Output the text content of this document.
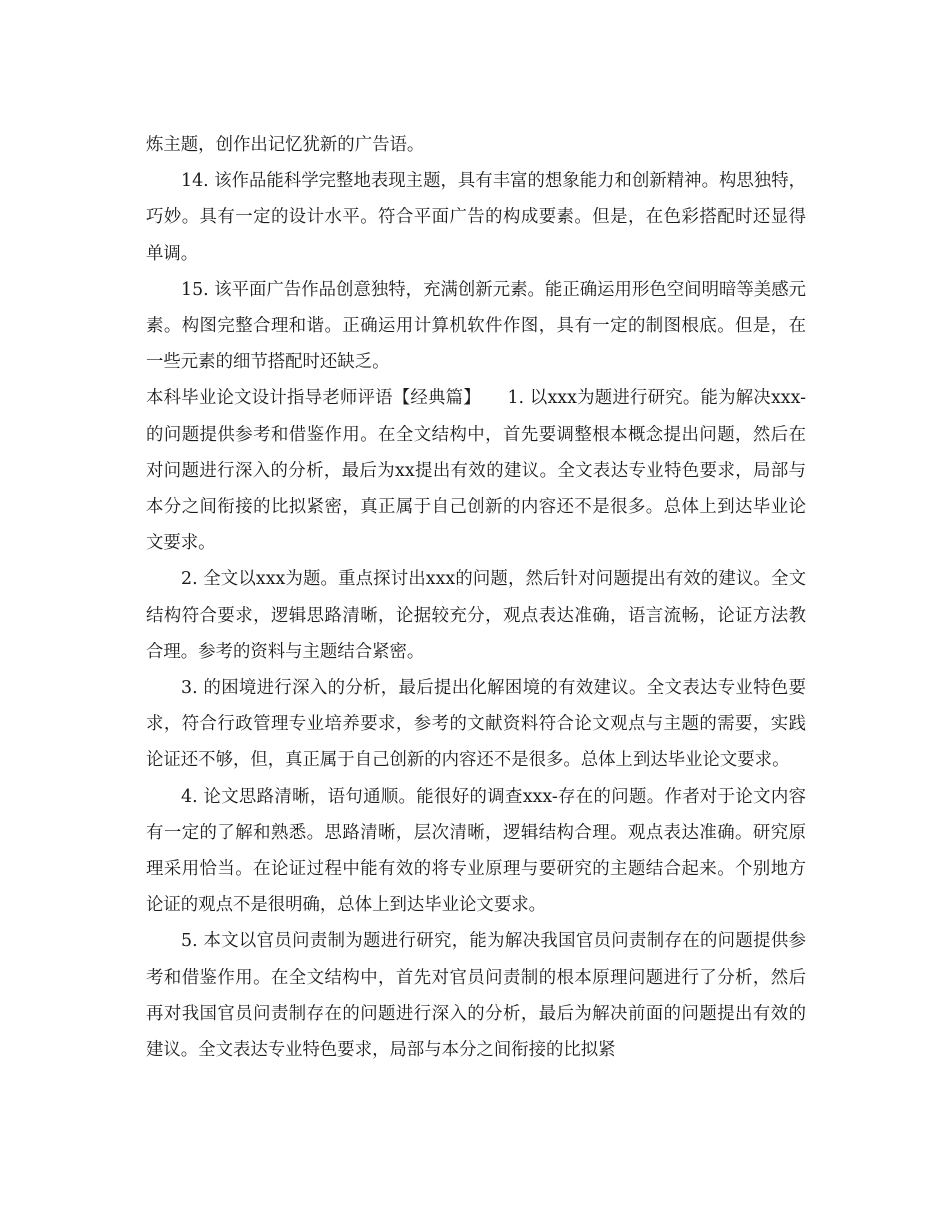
炼主题，创作出记忆犹新的广告语。

14. 该作品能科学完整地表现主题，具有丰富的想象能力和创新精神。构思独特，巧妙。具有一定的设计水平。符合平面广告的构成要素。但是，在色彩搭配时还显得单调。

15. 该平面广告作品创意独特，充满创新元素。能正确运用形色空间明暗等美感元素。构图完整合理和谐。正确运用计算机软件作图，具有一定的制图根底。但是，在一些元素的细节搭配时还缺乏。

本科毕业论文设计指导老师评语【经典篇】　　1. 以xxx为题进行研究。能为解决xxx-的问题提供参考和借鉴作用。在全文结构中，首先要调整根本概念提出问题，然后在对问题进行深入的分析，最后为xx提出有效的建议。全文表达专业特色要求，局部与本分之间衔接的比拟紧密，真正属于自己创新的内容还不是很多。总体上到达毕业论文要求。

2. 全文以xxx为题。重点探讨出xxx的问题，然后针对问题提出有效的建议。全文结构符合要求，逻辑思路清晰，论据较充分，观点表达准确，语言流畅，论证方法教合理。参考的资料与主题结合紧密。

3. 的困境进行深入的分析，最后提出化解困境的有效建议。全文表达专业特色要求，符合行政管理专业培养要求，参考的文献资料符合论文观点与主题的需要，实践论证还不够，但，真正属于自己创新的内容还不是很多。总体上到达毕业论文要求。

4. 论文思路清晰，语句通顺。能很好的调查xxx-存在的问题。作者对于论文内容有一定的了解和熟悉。思路清晰，层次清晰，逻辑结构合理。观点表达准确。研究原理采用恰当。在论证过程中能有效的将专业原理与要研究的主题结合起来。个别地方论证的观点不是很明确，总体上到达毕业论文要求。

5. 本文以官员问责制为题进行研究，能为解决我国官员问责制存在的问题提供参考和借鉴作用。在全文结构中，首先对官员问责制的根本原理问题进行了分析，然后再对我国官员问责制存在的问题进行深入的分析，最后为解决前面的问题提出有效的建议。全文表达专业特色要求，局部与本分之间衔接的比拟紧
